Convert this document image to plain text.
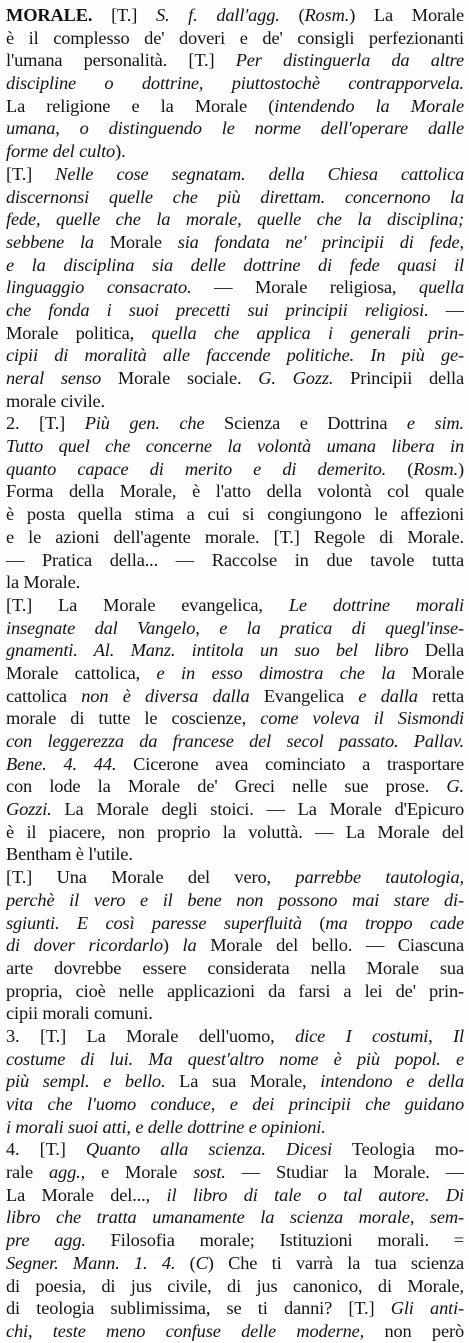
MORALE. [T.] S. f. dall'agg. (Rosm.) La Morale
è il complesso de' doveri e de' consigli perfezionanti
l'umana personalità. [T.] Per distinguerla da altre
discipline o dottrine, piuttostochè contrapporvela.
La religione e la Morale (intendendo la Morale
umana, o distinguendo le norme dell'operare dalle
forme del culto).
[T.] Nelle cose segnatam. della Chiesa cattolica
discernonsi quelle che più direttam. concernono la
fede, quelle che la morale, quelle che la disciplina;
sebbene la Morale sia fondata ne' principii di fede,
e la disciplina sia delle dottrine di fede quasi il
linguaggio consacrato. — Morale religiosa, quella
che fonda i suoi precetti sui principii religiosi. —
Morale politica, quella che applica i generali prin-
cipii di moralità alle faccende politiche. In più ge-
neral senso Morale sociale. G. Gozz. Principii della
morale civile.
2. [T.] Più gen. che Scienza e Dottrina e sim.
Tutto quel che concerne la volontà umana libera in
quanto capace di merito e di demerito. (Rosm.)
Forma della Morale, è l'atto della volontà col quale
è posta quella stima a cui si congiungono le affezioni
e le azioni dell'agente morale. [T.] Regole di Morale.
— Pratica della... — Raccolse in due tavole tutta
la Morale.
[T.] La Morale evangelica, Le dottrine morali
insegnate dal Vangelo, e la pratica di quegl'inse-
gnamenti. Al. Manz. intitola un suo bel libro Della
Morale cattolica, e in esso dimostra che la Morale
cattolica non è diversa dalla Evangelica e dalla retta
morale di tutte le coscienze, come voleva il Sismondi
con leggerezza da francese del secol passato. Pallav.
Bene. 4. 44. Cicerone avea cominciato a trasportare
con lode la Morale de' Greci nelle sue prose. G.
Gozzi. La Morale degli stoici. — La Morale d'Epicuro
è il piacere, non proprio la voluttà. — La Morale del
Bentham è l'utile.
[T.] Una Morale del vero, parrebbe tautologia,
perchè il vero e il bene non possono mai stare di-
sgiunti. E così paresse superfluità (ma troppo cade
di dover ricordarlo) la Morale del bello. — Ciascuna
arte dovrebbe essere considerata nella Morale sua
propria, cioè nelle applicazioni da farsi a lei de' prin-
cipii morali comuni.
3. [T.] La Morale dell'uomo, dice I costumi, Il
costume di lui. Ma quest'altro nome è più popol. e
più sempl. e bello. La sua Morale, intendono e della
vita che l'uomo conduce, e dei principii che guidano
i morali suoi atti, e delle dottrine e opinioni.
4. [T.] Quanto alla scienza. Dicesi Teologia mo-
rale agg., e Morale sost. — Studiar la Morale. —
La Morale del..., il libro di tale o tal autore. Di
libro che tratta umanamente la scienza morale, sem-
pre agg. Filosofia morale; Istituzioni morali. =
Segner. Mann. 1. 4. (C) Che ti varrà la tua scienza
di poesia, di jus civile, di jus canonico, di Morale,
di teologia sublimissima, se ti danni? [T.] Gli anti-
chi, teste meno confuse delle moderne, non però
